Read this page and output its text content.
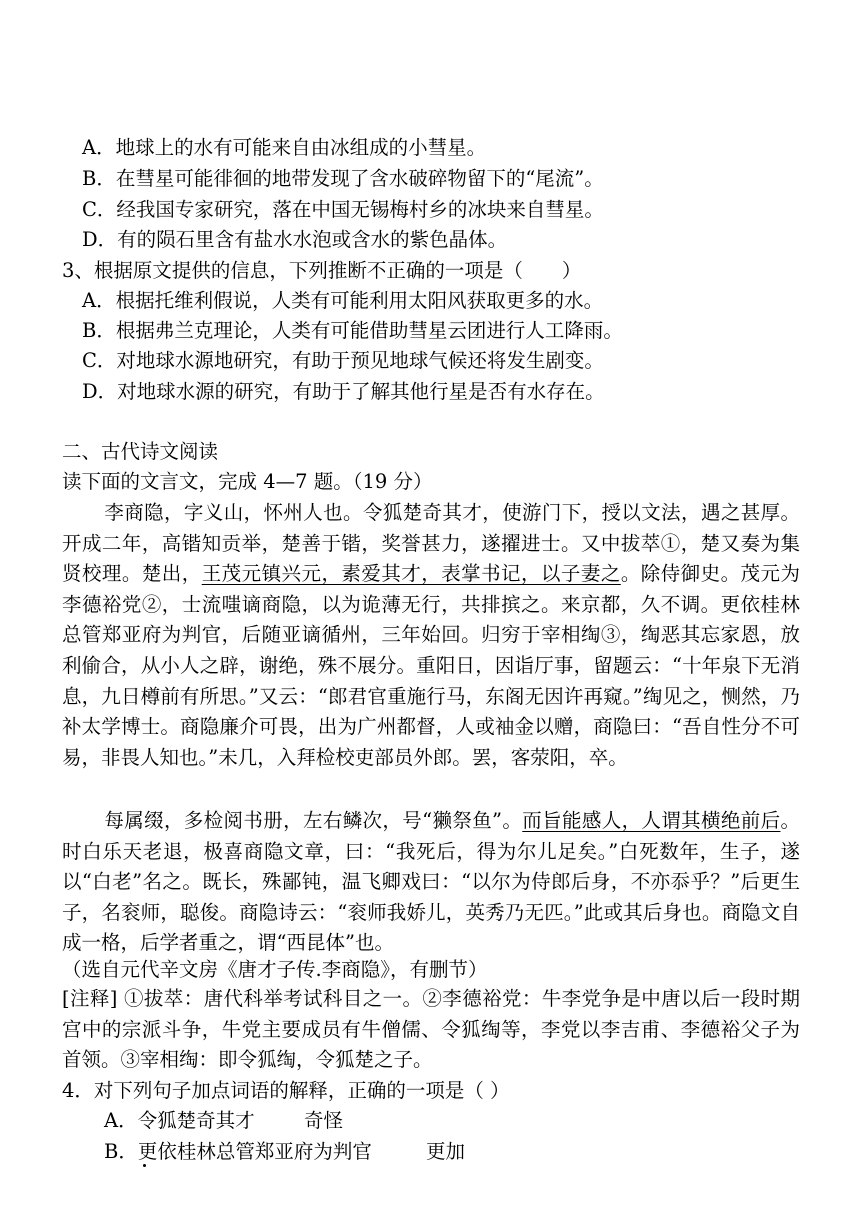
A．地球上的水有可能来自由冰组成的小彗星。
B．在彗星可能徘徊的地带发现了含水破碎物留下的“尾流”。
C．经我国专家研究，落在中国无锡梅村乡的冰块来自彗星。
D．有的陨石里含有盐水水泡或含水的紫色晶体。
3、根据原文提供的信息，下列推断不正确的一项是（　　）
A．根据托维利假说，人类有可能利用太阳风获取更多的水。
B．根据弗兰克理论，人类有可能借助彗星云团进行人工降雨。
C．对地球水源地研究，有助于预见地球气候还将发生剧变。
D．对地球水源的研究，有助于了解其他行星是否有水存在。
二、古代诗文阅读
读下面的文言文，完成 4—7 题。（19 分）
李商隐，字义山，怀州人也。令狐楚奇其才，使游门下，授以文法，遇之甚厚。开成二年，高锴知贡举，楚善于锴，奖誉甚力，遂擢进士。又中拔萃①，楚又奏为集贤校理。楚出，王茂元镇兴元，素爱其才，表掌书记，以子妻之。除侍御史。茂元为李德裕党②，士流嗤谪商隐，以为诡薄无行，共排摈之。来京都，久不调。更依桂林总管郑亚府为判官，后随亚谪循州，三年始回。归穷于宰相绹③，绹恶其忘家恩，放利偷合，从小人之辟，谢绝，殊不展分。重阳日，因诣厅事，留题云：“十年泉下无消息，九日樽前有所思。”又云：“郎君官重施行马，东阁无因许再窥。”绹见之，恻然，乃补太学博士。商隐廉介可畏，出为广州都督，人或袖金以赠，商隐曰：“吾自性分不可易，非畏人知也。”未几，入拜检校吏部员外郎。罢，客荥阳，卒。
每属缀，多检阅书册，左右鳞次，号“獭祭鱼”。而旨能感人，人谓其横绝前后。时白乐天老退，极喜商隐文章，曰：“我死后，得为尔儿足矣。”白死数年，生子，遂以“白老”名之。既长，殊鄙钝，温飞卿戏曰：“以尔为侍郎后身，不亦忝乎？”后更生子，名衮师，聪俊。商隐诗云：“衮师我娇儿，英秀乃无匹。”此或其后身也。商隐文自成一格，后学者重之，谓“西昆体”也。
（选自元代辛文房《唐才子传.李商隐》，有删节）
[注释] ①拔萃：唐代科举考试科目之一。②李德裕党：牛李党争是中唐以后一段时期宫中的宗派斗争，牛党主要成员有牛僧儒、令狐绹等，李党以李吉甫、李德裕父子为首领。③宰相绹：即令狐绹，令狐楚之子。
4．对下列句子加点词语的解释，正确的一项是（ ）
A．令狐楚奇其才	奇怪
B．更依桂林总管郑亚府为判官	更加
